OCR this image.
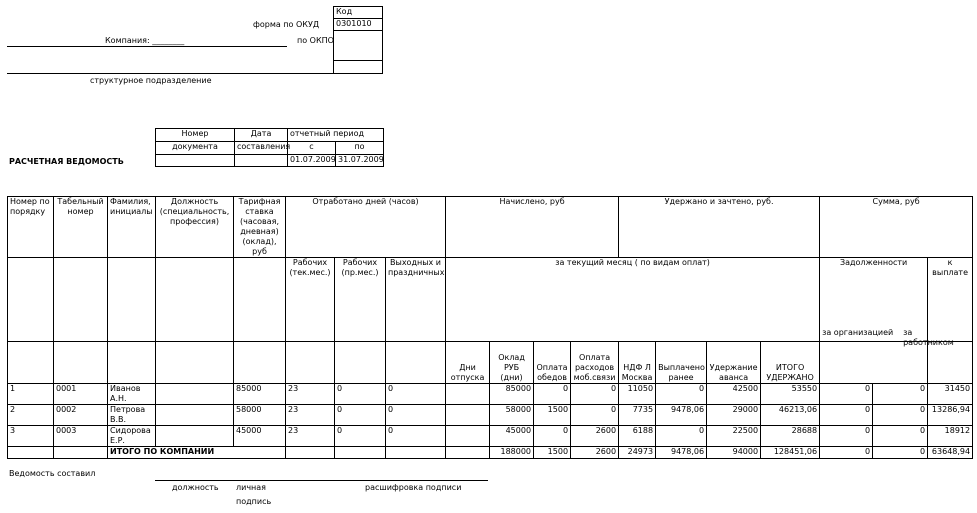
форма по ОКУД
Компания: ________	по ОКПО
структурное подразделение
Код
0301010

РАСЧЕТНАЯ ВЕДОМОСТЬ
Номер	Дата	отчетный период	
документа	составления	с	по
		01.07.2009	31.07.2009
Номер по порядку	Табельный номер	Фамилия, инициалы	Должность (специальность, профессия)	Тарифная ставка (часовая, дневная) (оклад), руб	Отработано дней (часов)			Начислено, руб				Удержано и зачтено, руб.				Сумма, руб		
					Рабочих (тек.мес.)	Рабочих (пр.мес.)	Выходных и праздничных	за текущий месяц ( по видам оплат)								Задолженности		к выплате
								Дни отпуска	Оклад РУБ (дни)	Оплата обедов	Оплата расходов моб.связи	НДФ Л Москва	Выплачено ранее	Удержание аванса	ИТОГО УДЕРЖАНО	за организацией за работником		

1	0001	Иванов А.Н.		85000	23	0	0		85000	0	0	11050	0	42500	53550	0	0	31450
2	0002	Петрова В.В.		58000	23	0	0		58000	1500	0	7735	9478,06	29000	46213,06	0	0	13286,94
3	0003	Сидорова Е.Р.		45000	23	0	0		45000	0	2600	6188	0	22500	28688	0	0	18912
		ИТОГО ПО КОМПАНИИ							188000	1500	2600	24973	9478,06	94000	128451,06	0	0	63648,94
Ведомость составил
должность личная
подпись
расшифровка подписи
